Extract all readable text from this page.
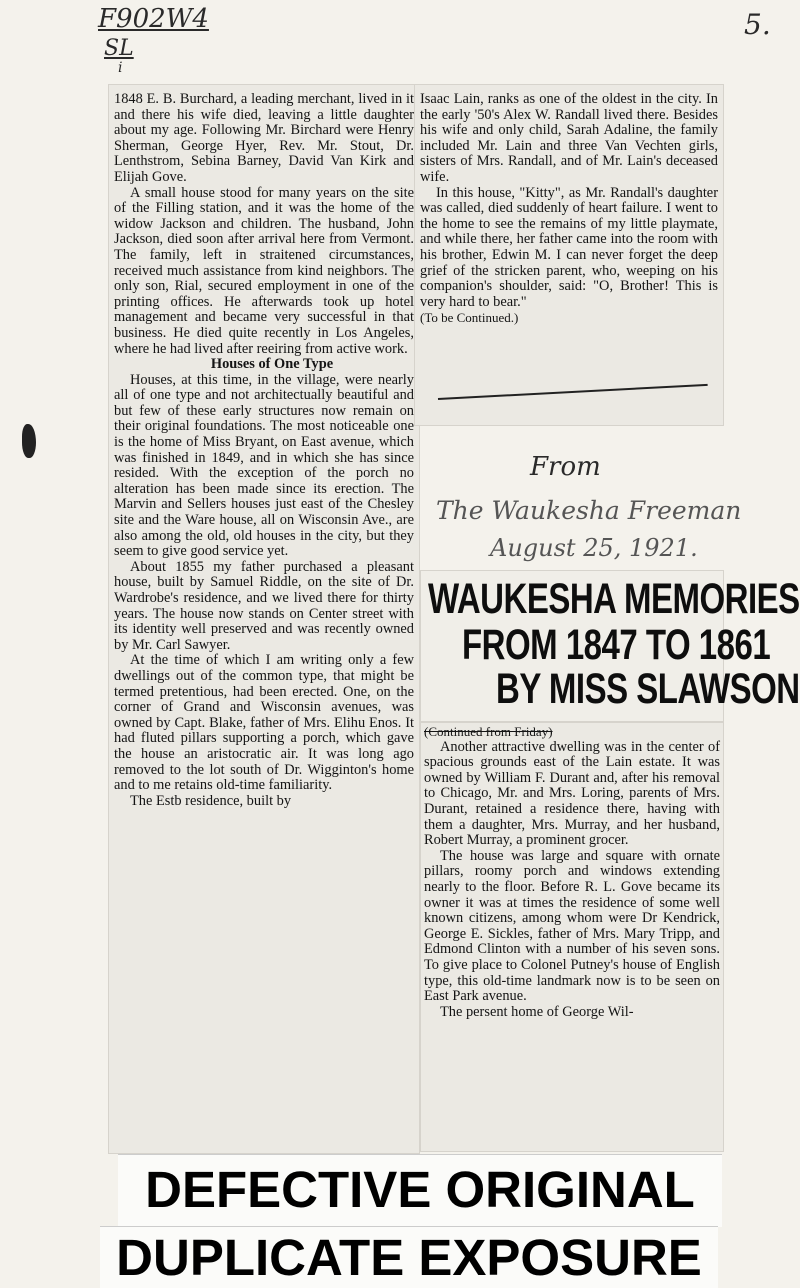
F902W4
SL
i
5.

1848 E. B. Burchard, a leading merchant, lived in it and there his wife died, leaving a little daughter about my age. Following Mr. Birchard were Henry Sherman, George Hyer, Rev. Mr. Stout, Dr. Lenthstrom, Sebina Barney, David Van Kirk and Elijah Gove.

A small house stood for many years on the site of the Filling station, and it was the home of the widow Jackson and children. The husband, John Jackson, died soon after arrival here from Vermont. The family, left in straitened circumstances, received much assistance from kind neighbors. The only son, Rial, secured employment in one of the printing offices. He afterwards took up hotel management and became very successful in that business. He died quite recently in Los Angeles, where he had lived after reeiring from active work.

Houses of One Type

Houses, at this time, in the village, were nearly all of one type and not architectually beautiful and but few of these early structures now remain on their original foundations. The most noticeable one is the home of Miss Bryant, on East avenue, which was finished in 1849, and in which she has since resided. With the exception of the porch no alteration has been made since its erection. The Marvin and Sellers houses just east of the Chesley site and the Ware house, all on Wisconsin Ave., are also among the old, old houses in the city, but they seem to give good service yet.

About 1855 my father purchased a pleasant house, built by Samuel Riddle, on the site of Dr. Wardrobe's residence, and we lived there for thirty years. The house now stands on Center street with its identity well preserved and was recently owned by Mr. Carl Sawyer.

At the time of which I am writing only a few dwellings out of the common type, that might be termed pretentious, had been erected. One, on the corner of Grand and Wisconsin avenues, was owned by Capt. Blake, father of Mrs. Elihu Enos. It had fluted pillars supporting a porch, which gave the house an aristocratic air. It was long ago removed to the lot south of Dr. Wigginton's home and to me retains old-time familiarity.

The Estb residence, built by

Isaac Lain, ranks as one of the oldest in the city. In the early '50's Alex W. Randall lived there. Besides his wife and only child, Sarah Adaline, the family included Mr. Lain and three Van Vechten girls, sisters of Mrs. Randall, and of Mr. Lain's deceased wife.

In this house, "Kitty", as Mr. Randall's daughter was called, died suddenly of heart failure. I went to the home to see the remains of my little playmate, and while there, her father came into the room with his brother, Edwin M. I can never forget the deep grief of the stricken parent, who, weeping on his companion's shoulder, said: "O, Brother! This is very hard to bear."

(To be Continued.)

From
The Waukesha Freeman
August 25, 1921.
WAUKESHA MEMORIES
FROM 1847 TO 1861
BY MISS SLAWSON

(Continued from Friday)

Another attractive dwelling was in the center of spacious grounds east of the Lain estate. It was owned by William F. Durant and, after his removal to Chicago, Mr. and Mrs. Loring, parents of Mrs. Durant, retained a residence there, having with them a daughter, Mrs. Murray, and her husband, Robert Murray, a prominent grocer.

The house was large and square with ornate pillars, roomy porch and windows extending nearly to the floor. Before R. L. Gove became its owner it was at times the residence of some well known citizens, among whom were Dr Kendrick, George E. Sickles, father of Mrs. Mary Tripp, and Edmond Clinton with a number of his seven sons. To give place to Colonel Putney's house of English type, this old-time landmark now is to be seen on East Park avenue.

The persent home of George Wil-

DEFECTIVE ORIGINAL
DUPLICATE EXPOSURE
